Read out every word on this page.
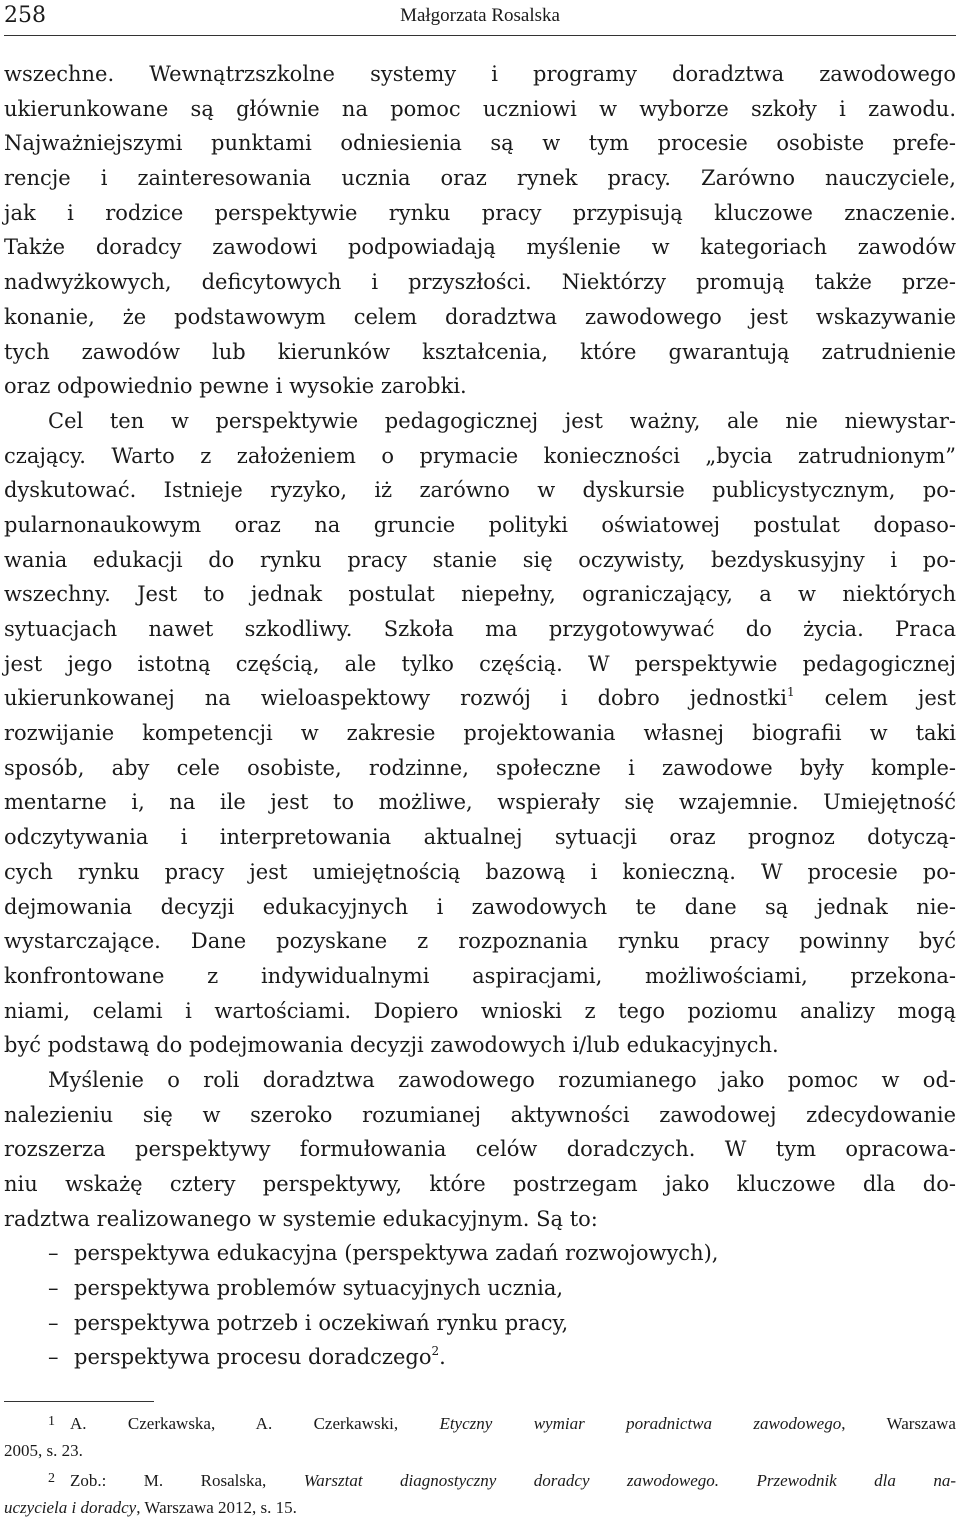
258	Małgorzata Rosalska
wszechne. Wewnątrzszkolne systemy i programy doradztwa zawodowego
ukierunkowane są głównie na pomoc uczniowi w wyborze szkoły i zawodu.
Najważniejszymi punktami odniesienia są w tym procesie osobiste prefe-
rencje i zainteresowania ucznia oraz rynek pracy. Zarówno nauczyciele,
jak i rodzice perspektywie rynku pracy przypisują kluczowe znaczenie.
Także doradcy zawodowi podpowiadają myślenie w kategoriach zawodów
nadwyżkowych, deficytowych i przyszłości. Niektórzy promują także prze-
konanie, że podstawowym celem doradztwa zawodowego jest wskazywanie
tych zawodów lub kierunków kształcenia, które gwarantują zatrudnienie
oraz odpowiednio pewne i wysokie zarobki.
Cel ten w perspektywie pedagogicznej jest ważny, ale nie niewystar-
czający. Warto z założeniem o prymacie konieczności „bycia zatrudnionym”
dyskutować. Istnieje ryzyko, iż zarówno w dyskursie publicystycznym, po-
pularnonaukowym oraz na gruncie polityki oświatowej postulat dopaso-
wania edukacji do rynku pracy stanie się oczywisty, bezdyskusyjny i po-
wszechny. Jest to jednak postulat niepełny, ograniczający, a w niektórych
sytuacjach nawet szkodliwy. Szkoła ma przygotowywać do życia. Praca
jest jego istotną częścią, ale tylko częścią. W perspektywie pedagogicznej
ukierunkowanej na wieloaspektowy rozwój i dobro jednostki$^1$ celem jest
rozwijanie kompetencji w zakresie projektowania własnej biografii w taki
sposób, aby cele osobiste, rodzinne, społeczne i zawodowe były komple-
mentarne i, na ile jest to możliwe, wspierały się wzajemnie. Umiejętność
odczytywania i interpretowania aktualnej sytuacji oraz prognoz dotyczą-
cych rynku pracy jest umiejętnością bazową i konieczną. W procesie po-
dejmowania decyzji edukacyjnych i zawodowych te dane są jednak nie-
wystarczające. Dane pozyskane z rozpoznania rynku pracy powinny być
konfrontowane z indywidualnymi aspiracjami, możliwościami, przekona-
niami, celami i wartościami. Dopiero wnioski z tego poziomu analizy mogą
być podstawą do podejmowania decyzji zawodowych i/lub edukacyjnych.
Myślenie o roli doradztwa zawodowego rozumianego jako pomoc w od-
nalezieniu się w szeroko rozumianej aktywności zawodowej zdecydowanie
rozszerza perspektywy formułowania celów doradczych. W tym opracowa-
niu wskażę cztery perspektywy, które postrzegam jako kluczowe dla do-
radztwa realizowanego w systemie edukacyjnym. Są to:
– perspektywa edukacyjna (perspektywa zadań rozwojowych),
– perspektywa problemów sytuacyjnych ucznia,
– perspektywa potrzeb i oczekiwań rynku pracy,
– perspektywa procesu doradczego$^2$.
1 A. Czerkawska, A. Czerkawski, Etyczny wymiar poradnictwa zawodowego, Warszawa
2005, s. 23.
2 Zob.: M. Rosalska, Warsztat diagnostyczny doradcy zawodowego. Przewodnik dla na-
uczyciela i doradcy, Warszawa 2012, s. 15.
